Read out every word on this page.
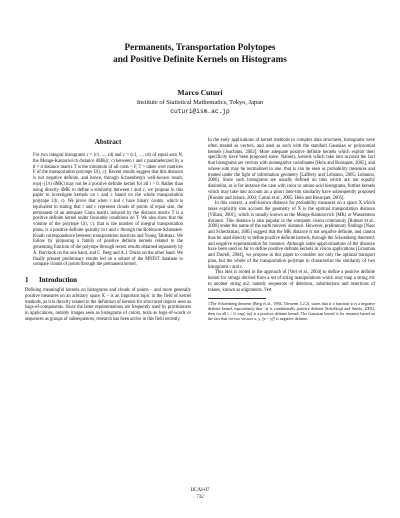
Permanents, Transportation Polytopes
and Positive Definite Kernels on Histograms
Marco Cuturi
Institute of Statistical Mathematics, Tokyo, Japan
cuturi@ism.ac.jp
Abstract

For two integral histograms r = (r1, ..., rd) and c = (c1, ..., cd) of equal sum N, the Monge-Kantorovich distance dMK(r, c) between r and c parameterized by a d × d distance matrix T is the minimum of all costs < F, T > taken over matrices F of the transportation polytope U(r, c). Recent results suggest that this distance is not negative definite, and hence, through Schoenberg's well-known result, exp(−(1/t) dMK) may not be a positive definite kernel for all t > 0. Rather than using directly dMK to define a similarity between r and c, we propose in this paper to investigate kernels on r and c based on the whole transportation polytope U(r, c). We prove that when r and c have binary counts, which is equivalent to stating that r and c represent clouds of points of equal size, the permanent of an adequate Gram matrix induced by the distance matrix T is a positive definite kernel under favorable conditions on T. We also show that the volume of the polytope U(r, c), that is the number of integral transportation plans, is a positive definite quantity in r and c through the Robinson-Schensted-Knuth correspondence between transportation matrices and Young Tableaux. We follow by proposing a family of positive definite kernels related to the generating function of the polytope through recent results obtained separately by A. Barvinok on the one hand, and C. Berg and A.J. Duran on the other hand. We finally present preliminary results led on a subset of the MNIST database to compare clouds of points through the permanent kernel.

1 Introduction

Defining meaningful kernels on histograms and clouds of points – and more generally positive measures on an arbitrary space X – is an important topic in the field of kernel methods, as it is directly related to the definition of kernels for structured objects seen as bags-of-components. Since the latter representations are frequently used by practitioners in applications, notably images seen as histograms of colors, texts as bags-of-words or sequences as groups of subsequences, research has been active in this field recently.

In the early applications of kernel methods to complex data structures, histograms were often treated as vectors, and used as such with the standard Gaussian or polynomial kernels [Joachims, 2002]. More adequate positive definite kernels which exploit their specificity have been proposed since. Namely, kernels which take into account the fact that histograms are vectors with nonnegative coordinates [Hein and Bousquet, 2005], and whose sum may be normalized to one, that is can be seen as probability measures and treated under the light of information geometry [Lafferty and Lebanon, 2005; Lebanon, 2006]. Since such histograms are usually defined on bins which are not equally dissimilar, as is for instance the case with color or amino-acid histograms, further kernels which may take into account an a priori inter-bin similarity have subsequently proposed [Kondor and Jebara, 2003; Cuturi et al., 2005; Hein and Bousquet, 2005].

In this context, a well-known distance for probability measures on a space X which takes explicitly into account the geometry of X is the optimal transportation distance [Villani, 2001], which is usually known as the Monge-Kantorovich (MK) or Wasserstein distance. This distance is also popular in the computer vision community [Rubner et al., 2000] under the name of the earth movers' distance. However, preliminary findings [Naor and Schechtman, 2005] suggest that the MK distance is not negative definite, and cannot thus be used directly to define positive definite kernels, through the Schoenberg theorem1 and negative exponentiation for instance. Although some approximations of the distance have been used so far to define positive definite kernels in vision applications [Grauman and Darrell, 2004], we propose in this paper to consider not only the optimal transport plan, but the whole of the transportation polytope to characterize the similarity of two histograms r and c.

This idea is rooted in the approach of [Vert et al., 2004] to define a positive definite kernel for strings derived from a set of string manipulations which may map a string m1 to another string m2, namely sequences of deletions, substitutions and insertions of tokens, known as alignments. Vert

1The Schoenberg theorem [Berg et al., 1984, Theorem 3.2.2], states that if a function ψ is a negative definite kernel, equivalently that −ψ is conditionally positive definite [Schölkopf and Smola, 2002], then for all t > 0, exp(−tψ) is a positive definite kernel. The Gaussian kernel is for instance based on the fact that for two vectors x, y, ||x − y||² is negative definite.

IJCAI-07
732
